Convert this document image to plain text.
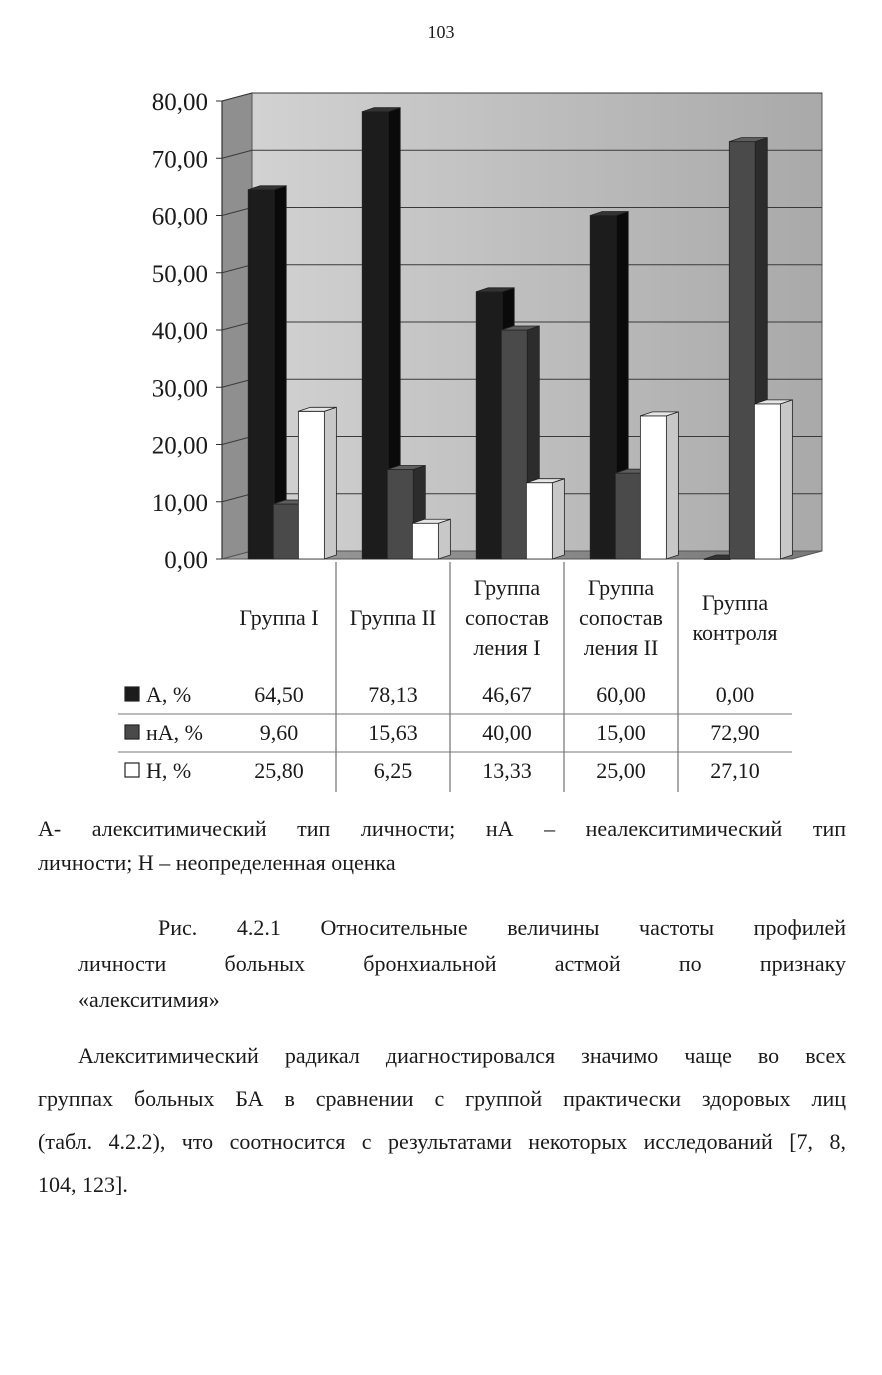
103
0,00
10,00
20,00
30,00
40,00
50,00
60,00
70,00
80,00
Группа I Группа II
Группа
сопостав
ления I
Группа
сопостав
ления II
Группа
контроля
А, %	64,50	78,13	46,67	60,00	0,00
нА, %	9,60	15,63	40,00	15,00	72,90
Н, %	25,80	6,25	13,33	25,00	27,10
А- алекситимический тип личности; нА – неалекситимический тип
личности; Н – неопределенная оценка
Рис. 4.2.1 Относительные величины частоты профилей
личности больных бронхиальной астмой по признаку
«алекситимия»
Алекситимический радикал диагностировался значимо чаще во всех
группах больных БА в сравнении с группой практически здоровых лиц
(табл. 4.2.2), что соотносится с результатами некоторых исследований [7, 8,
104, 123].
